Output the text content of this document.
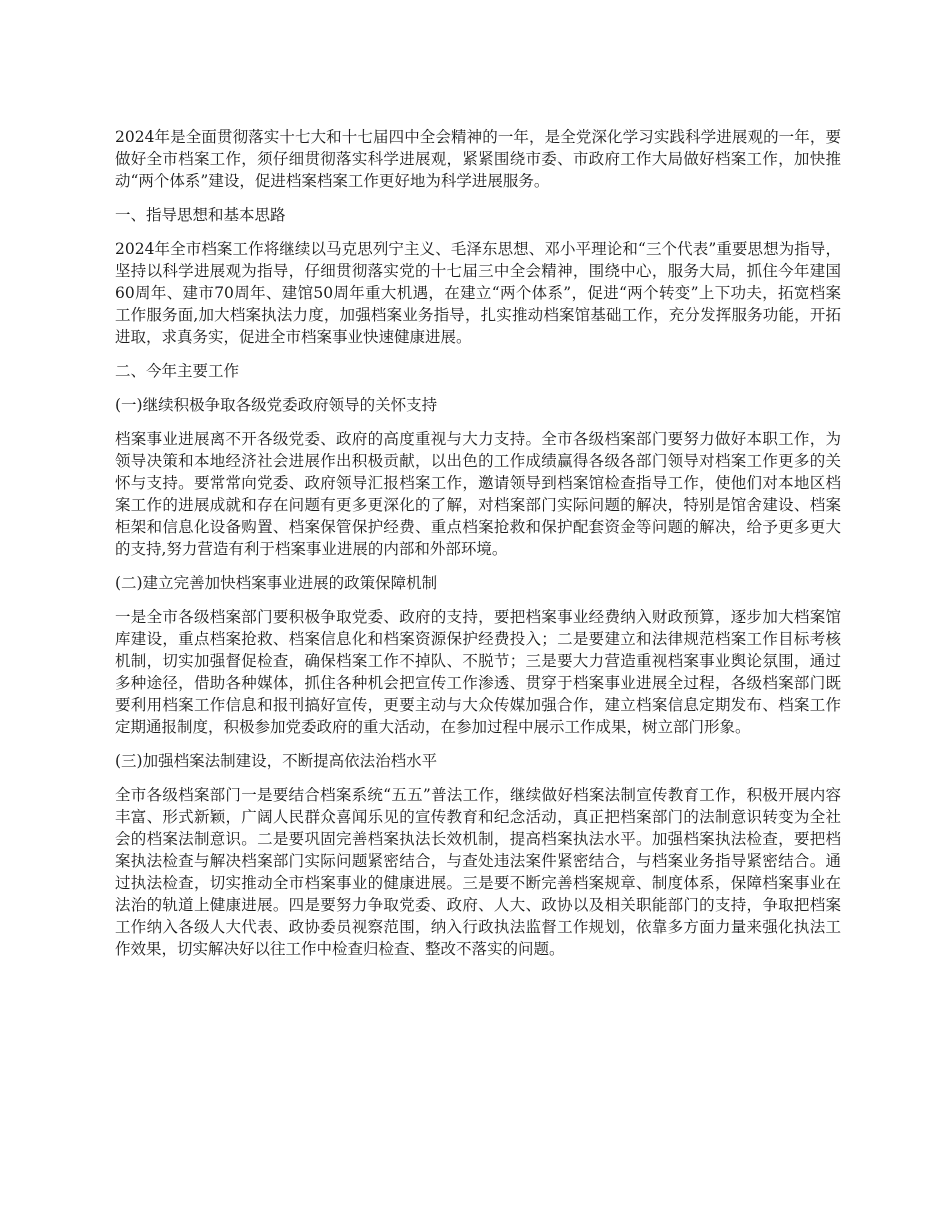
2024年是全面贯彻落实十七大和十七届四中全会精神的一年，是全党深化学习实践科学进展观的一年，要做好全市档案工作，须仔细贯彻落实科学进展观，紧紧围绕市委、市政府工作大局做好档案工作，加快推动“两个体系”建设，促进档案档案工作更好地为科学进展服务。

一、指导思想和基本思路

2024年全市档案工作将继续以马克思列宁主义、毛泽东思想、邓小平理论和“三个代表”重要思想为指导，坚持以科学进展观为指导，仔细贯彻落实党的十七届三中全会精神，围绕中心，服务大局，抓住今年建国60周年、建市70周年、建馆50周年重大机遇，在建立“两个体系”，促进“两个转变”上下功夫，拓宽档案工作服务面,加大档案执法力度，加强档案业务指导，扎实推动档案馆基础工作，充分发挥服务功能，开拓进取，求真务实，促进全市档案事业快速健康进展。

二、今年主要工作

(一)继续积极争取各级党委政府领导的关怀支持

档案事业进展离不开各级党委、政府的高度重视与大力支持。全市各级档案部门要努力做好本职工作，为领导决策和本地经济社会进展作出积极贡献，以出色的工作成绩赢得各级各部门领导对档案工作更多的关怀与支持。要常常向党委、政府领导汇报档案工作，邀请领导到档案馆检查指导工作，使他们对本地区档案工作的进展成就和存在问题有更多更深化的了解，对档案部门实际问题的解决，特别是馆舍建设、档案柜架和信息化设备购置、档案保管保护经费、重点档案抢救和保护配套资金等问题的解决，给予更多更大的支持,努力营造有利于档案事业进展的内部和外部环境。

(二)建立完善加快档案事业进展的政策保障机制

一是全市各级档案部门要积极争取党委、政府的支持，要把档案事业经费纳入财政预算，逐步加大档案馆库建设，重点档案抢救、档案信息化和档案资源保护经费投入；二是要建立和法律规范档案工作目标考核机制，切实加强督促检查，确保档案工作不掉队、不脱节；三是要大力营造重视档案事业舆论氛围，通过多种途径，借助各种媒体，抓住各种机会把宣传工作渗透、贯穿于档案事业进展全过程，各级档案部门既要利用档案工作信息和报刊搞好宣传，更要主动与大众传媒加强合作，建立档案信息定期发布、档案工作定期通报制度，积极参加党委政府的重大活动，在参加过程中展示工作成果，树立部门形象。

(三)加强档案法制建设，不断提高依法治档水平

全市各级档案部门一是要结合档案系统“五五”普法工作，继续做好档案法制宣传教育工作，积极开展内容丰富、形式新颖，广阔人民群众喜闻乐见的宣传教育和纪念活动，真正把档案部门的法制意识转变为全社会的档案法制意识。二是要巩固完善档案执法长效机制，提高档案执法水平。加强档案执法检查，要把档案执法检查与解决档案部门实际问题紧密结合，与查处违法案件紧密结合，与档案业务指导紧密结合。通过执法检查，切实推动全市档案事业的健康进展。三是要不断完善档案规章、制度体系，保障档案事业在法治的轨道上健康进展。四是要努力争取党委、政府、人大、政协以及相关职能部门的支持，争取把档案工作纳入各级人大代表、政协委员视察范围，纳入行政执法监督工作规划，依靠多方面力量来强化执法工作效果，切实解决好以往工作中检查归检查、整改不落实的问题。
